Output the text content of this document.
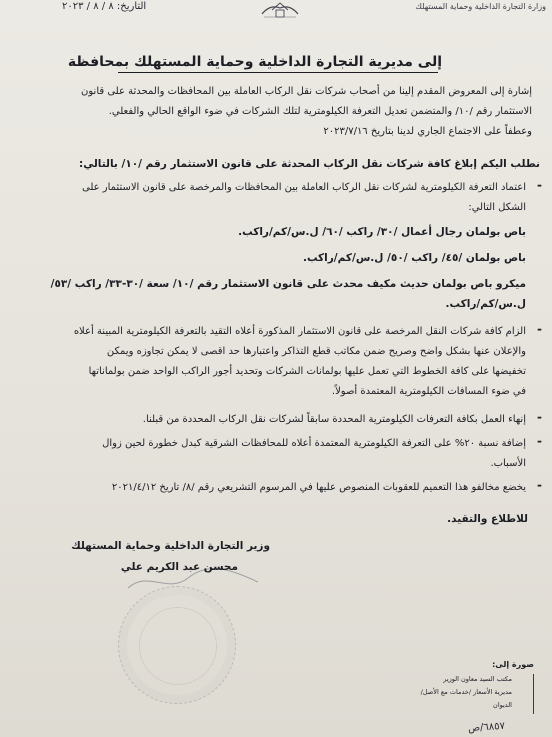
وزارة التجارة الداخلية وحماية المستهلك
التاريخ: ٨ / ٨ / ٢٠٢٣
إلى مديرية التجارة الداخلية وحماية المستهلك بمحافظة
إشارة إلى المعروض المقدم إلينا من أصحاب شركات نقل الركاب العاملة بين المحافظات والمحدثة على قانون
الاستثمار رقم /١٠/ والمتضمن تعديل التعرفة الكيلومترية لتلك الشركات في ضوء الواقع الحالي والفعلي.
وعطفاً على الاجتماع الجاري لدينا بتاريخ ٢٠٢٣/٧/١٦
نطلب اليكم إبلاغ كافة شركات نقل الركاب المحدثة على قانون الاستثمار رقم /١٠/ بالتالي:
-
اعتماد التعرفة الكيلومترية لشركات نقل الركاب العاملة بين المحافظات والمرخصة على قانون الاستثمار على
الشكل التالي:
باص بولمان رجال أعمال /٣٠/ راكب /٦٠/ ل.س/كم/راكب.
باص بولمان /٤٥/ راكب /٥٠/ ل.س/كم/راكب.
ميكرو باص بولمان حديث مكيف محدث على قانون الاستثمار رقم /١٠/ سعة /٣٠-٣٣/ راكب /٥٣/
ل.س/كم/راكب.
-
الزام كافة شركات النقل المرخصة على قانون الاستثمار المذكورة أعلاه التقيد بالتعرفة الكيلومترية المبينة أعلاه
والإعلان عنها بشكل واضح وصريح ضمن مكاتب قطع التذاكر واعتبارها حد اقصى لا يمكن تجاوزه ويمكن
تخفيضها على كافة الخطوط التي تعمل عليها بولمانات الشركات وتحديد أجور الراكب الواحد ضمن بولماناتها
في ضوء المسافات الكيلومترية المعتمدة أصولاً.
-
إنهاء العمل بكافة التعرفات الكيلومترية المحددة سابقاً لشركات نقل الركاب المحددة من قبلنا.
-
إضافة نسبة ٢٠% على التعرفة الكيلومترية المعتمدة أعلاه للمحافظات الشرقية كبدل خطورة لحين زوال
الأسباب.
-
يخضع مخالفو هذا التعميم للعقوبات المنصوص عليها في المرسوم التشريعي رقم /٨/ تاريخ ٢٠٢١/٤/١٢
للاطلاع والتقيد.
وزير التجارة الداخلية وحماية المستهلك
محسن عبد الكريم علي
صورة إلى:
مكتب السيد معاون الوزير
مديرية الأسعار /خدمات مع الأصل/
الديوان
٦٨٥٧/ص
